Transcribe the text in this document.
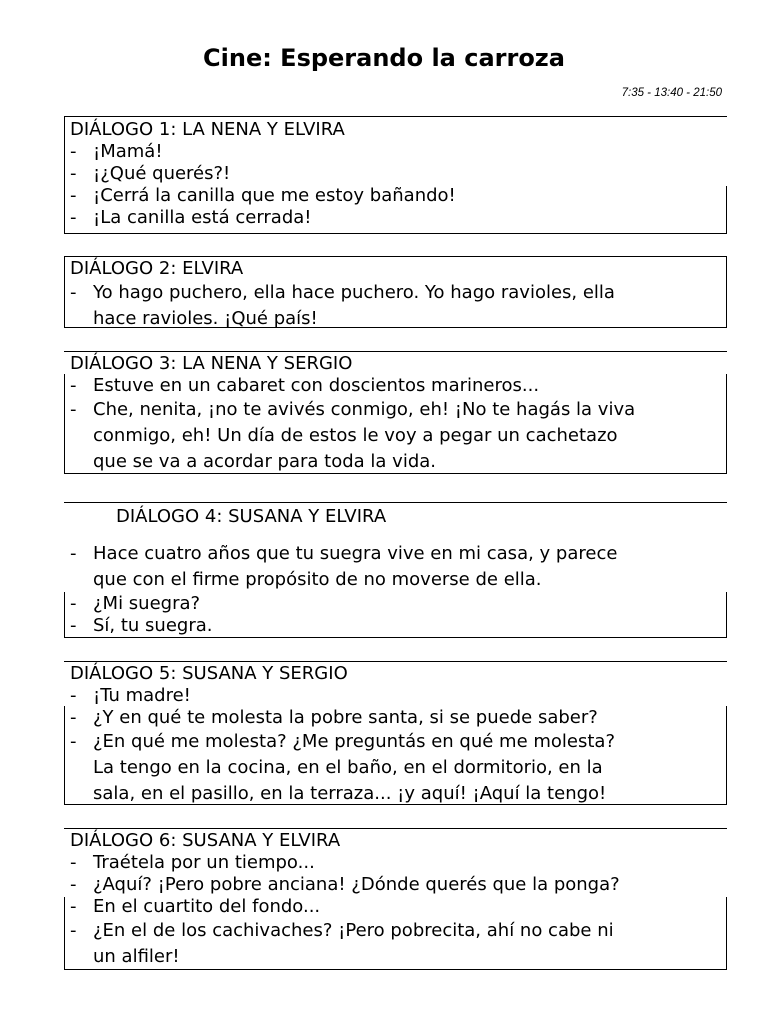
Cine: Esperando la carroza
7:35 - 13:40 - 21:50
DIÁLOGO 1: LA NENA Y ELVIRA
- ¡Mamá!
- ¡¿Qué querés?!
- ¡Cerrá la canilla que me estoy bañando!
- ¡La canilla está cerrada!
DIÁLOGO 2: ELVIRA
- Yo hago puchero, ella hace puchero. Yo hago ravioles, ella
hace ravioles. ¡Qué país!
DIÁLOGO 3: LA NENA Y SERGIO
- Estuve en un cabaret con doscientos marineros...
- Che, nenita, ¡no te avivés conmigo, eh! ¡No te hagás la viva
conmigo, eh! Un día de estos le voy a pegar un cachetazo
que se va a acordar para toda la vida.
DIÁLOGO 4: SUSANA Y ELVIRA
- Hace cuatro años que tu suegra vive en mi casa, y parece
que con el firme propósito de no moverse de ella.
- ¿Mi suegra?
- Sí, tu suegra.
DIÁLOGO 5: SUSANA Y SERGIO
- ¡Tu madre!
- ¿Y en qué te molesta la pobre santa, si se puede saber?
- ¿En qué me molesta? ¿Me preguntás en qué me molesta?
La tengo en la cocina, en el baño, en el dormitorio, en la
sala, en el pasillo, en la terraza... ¡y aquí! ¡Aquí la tengo!
DIÁLOGO 6: SUSANA Y ELVIRA
- Traétela por un tiempo...
- ¿Aquí? ¡Pero pobre anciana! ¿Dónde querés que la ponga?
- En el cuartito del fondo...
- ¿En el de los cachivaches? ¡Pero pobrecita, ahí no cabe ni
un alfiler!
